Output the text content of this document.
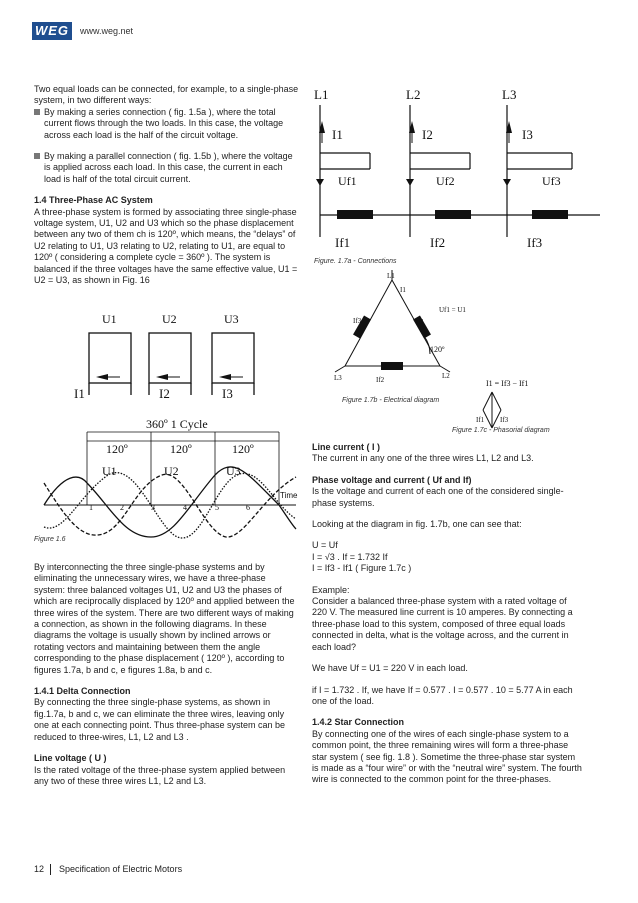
WEG	www.weg.net

Two equal loads can be connected, for example, to a single-phase system, in two different ways:

By making a series connection ( fig. 1.5a ), where the total current flows through the two loads. In this case, the voltage across each load is the half of the circuit voltage.

By making a parallel connection ( fig. 1.5b ), where the voltage is applied across each load. In this case, the current in each load is half of the total circuit current.

1.4 Three-Phase AC System

A three-phase system is formed by associating three single-phase voltage system, U1, U2 and U3 which so the phase displacement between any two of them ch is 120º, which means, the “delays” of U2 relating to U1, U3 relating to U2, relating to U1, are equal to 120º ( considering a complete cycle = 360º ). The system is balanced if the three voltages have the same effective value, U1 = U2 = U3, as shown in Fig. 16

U1	U2	U3
I1	I2	I3
360º 1 Cycle
120º	120º	120º
U1	U2	U3
Time
1	2	3	4	5	6
Figure 1.6

By interconnecting the three single-phase systems and by eliminating the unnecessary wires, we have a three-phase system: three balanced voltages U1, U2 and U3 the phases of which are reciprocally displaced by 120º and applied between the three wires of the system. There are two different ways of making a connection, as shown in the following diagrams. In these diagrams the voltage is usually shown by inclined arrows or rotating vectors and maintaining between them the angle corresponding to the phase displacement ( 120º ), according to figures 1.7a, b and c, e figures 1.8a, b and c.

1.4.1 Delta Connection

By connecting the three single-phase systems, as shown in fig.1.7a, b and c, we can eliminate the three wires, leaving only one at each connecting point. Thus three-phase system can be reduced to three-wires, L1, L2 and L3 .

Line voltage ( U )

Is the rated voltage of the three-phase system applied between any two of these three wires L1, L2 and L3.

L1	L2	L3
I1	I2	I3
Uf1	Uf2	Uf3
If1	If2	If3
Figure. 1.7a - Connections
L1
L2
L3
I1
If1
If2
If3
Uf1 = U1
120º
Figure 1.7b - Electrical diagram
I1 = If3 − If1
If1 If3
Figure 1.7c - Phasorial diagram

Line current ( I )

The current in any one of the three wires L1, L2 and L3.

Phase voltage and current ( Uf and If)

Is the voltage and current of each one of the considered single-phase systems.

Looking at the diagram in fig. 1.7b, one can see that:

U = Uf

I = √3 . If = 1.732 If

I = If3 - If1 ( Figure 1.7c )

Example:

Consider a balanced three-phase system with a rated voltage of 220 V. The measured line current is 10 amperes. By connecting a three-phase load to this system, composed of three equal loads connected in delta, what is the voltage across, and the current in each load?

We have Uf = U1 = 220 V in each load.

if I = 1.732 . If, we have If = 0.577 . I = 0.577 . 10 = 5.77 A in each one of the load.

1.4.2 Star Connection

By connecting one of the wires of each single-phase system to a common point, the three remaining wires will form a three-phase star system ( see fig. 1.8 ). Sometime the three-phase star system is made as a “four wire” or with the “neutral wire” system. The fourth wire is connected to the common point for the three-phases.

12 Specification of Electric Motors
